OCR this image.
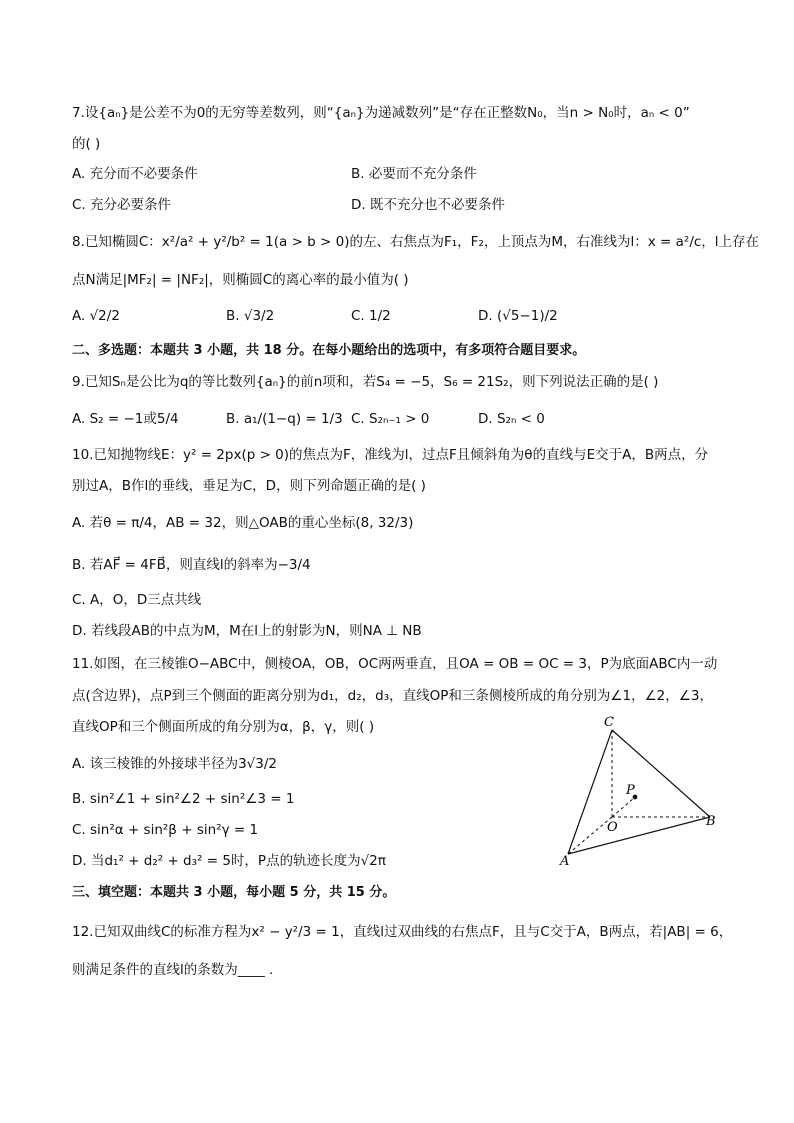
7.设{aₙ}是公差不为0的无穷等差数列，则“{aₙ}为递减数列”是“存在正整数N₀，当n > N₀时，aₙ < 0”
的( )
A. 充分而不必要条件	B. 必要而不充分条件
C. 充分必要条件	D. 既不充分也不必要条件
8.已知椭圆C：x²/a² + y²/b² = 1(a > b > 0)的左、右焦点为F₁，F₂，上顶点为M，右准线为l：x = a²/c，l上存在
点N满足|MF₂| = |NF₂|，则椭圆C的离心率的最小值为( )
A. √2/2	B. √3/2	C. 1/2	D. (√5−1)/2
二、多选题：本题共 3 小题，共 18 分。在每小题给出的选项中，有多项符合题目要求。
9.已知Sₙ是公比为q的等比数列{aₙ}的前n项和，若S₄ = −5，S₆ = 21S₂，则下列说法正确的是( )
A. S₂ = −1或5/4	B. a₁/(1−q) = 1/3 C. S₂ₙ₋₁ > 0	D. S₂ₙ < 0
10.已知抛物线E：y² = 2px(p > 0)的焦点为F，准线为l，过点F且倾斜角为θ的直线与E交于A，B两点，分
别过A，B作l的垂线，垂足为C，D，则下列命题正确的是( )
A. 若θ = π/4，AB = 32，则△OAB的重心坐标(8, 32/3)
B. 若AF⃗ = 4FB⃗，则直线l的斜率为−3/4
C. A，O，D三点共线
D. 若线段AB的中点为M，M在l上的射影为N，则NA ⊥ NB
11.如图，在三棱锥O−ABC中，侧棱OA，OB，OC两两垂直，且OA = OB = OC = 3，P为底面ABC内一动
点(含边界)，点P到三个侧面的距离分别为d₁，d₂，d₃，直线OP和三条侧棱所成的角分别为∠1，∠2，∠3，
直线OP和三个侧面所成的角分别为α，β，γ，则( )
A. 该三棱锥的外接球半径为3√3/2
B. sin²∠1 + sin²∠2 + sin²∠3 = 1
C. sin²α + sin²β + sin²γ = 1
D. 当d₁² + d₂² + d₃² = 5时，P点的轨迹长度为√2π
C
P
O	B
A
三、填空题：本题共 3 小题，每小题 5 分，共 15 分。
12.已知双曲线C的标准方程为x² − y²/3 = 1，直线l过双曲线的右焦点F，且与C交于A，B两点，若|AB| = 6，
则满足条件的直线l的条数为____ .
